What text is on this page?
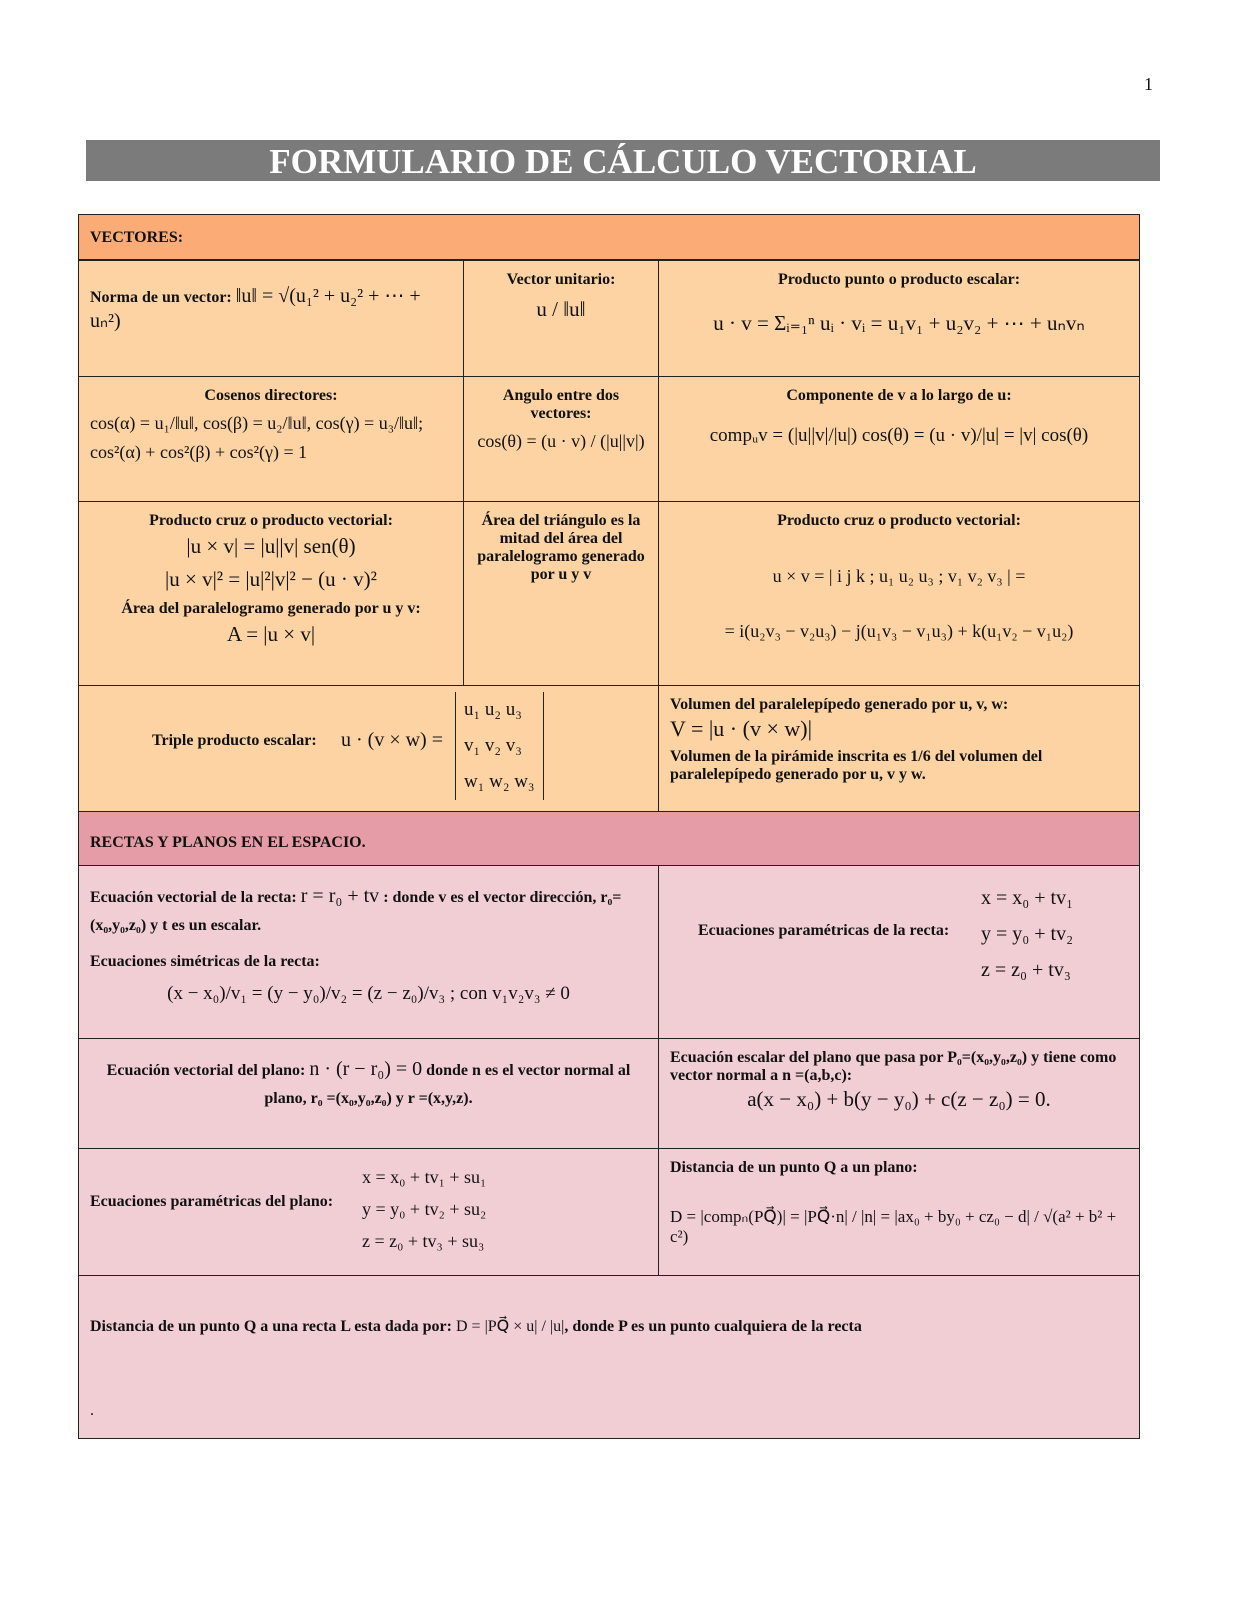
1
FORMULARIO DE CÁLCULO VECTORIAL
VECTORES:
Norma de un vector: ‖u‖ = √(u₁² + u₂² + ⋯ + uₙ²)
Vector unitario:
u / ‖u‖
Producto punto o producto escalar:
u · v = Σᵢ₌₁ⁿ uᵢ · vᵢ = u₁v₁ + u₂v₂ + ⋯ + uₙvₙ
Cosenos directores:
cos(α) = u₁/‖u‖, cos(β) = u₂/‖u‖, cos(γ) = u₃/‖u‖;
cos²(α) + cos²(β) + cos²(γ) = 1
Angulo entre dos vectores:
cos(θ) = (u · v) / (|u||v|)
Componente de v a lo largo de u:
compᵤv = (|u||v|/|u|) cos(θ) = (u · v)/|u| = |v| cos(θ)
Producto cruz o producto vectorial:
|u × v| = |u||v| sen(θ)
|u × v|² = |u|²|v|² − (u · v)²
Área del paralelogramo generado por u y v:
A = |u × v|
Área del triángulo es la mitad del área del paralelogramo generado por u y v
Producto cruz o producto vectorial:
u × v = | i j k ; u₁ u₂ u₃ ; v₁ v₂ v₃ | =
= i(u₂v₃ − v₂u₃) − j(u₁v₃ − v₁u₃) + k(u₁v₂ − v₁u₂)
Triple producto escalar: u · (v × w) =
u₁ u₂ u₃
v₁ v₂ v₃
w₁ w₂ w₃
Volumen del paralelepípedo generado por u, v, w:
V = |u · (v × w)|
Volumen de la pirámide inscrita es 1/6 del volumen del paralelepípedo generado por u, v y w.
RECTAS Y PLANOS EN EL ESPACIO.
Ecuación vectorial de la recta: r = r₀ + tv : donde v es el vector dirección, r₀=(x₀,y₀,z₀) y t es un escalar.
Ecuaciones simétricas de la recta:
(x − x₀)/v₁ = (y − y₀)/v₂ = (z − z₀)/v₃ ; con v₁v₂v₃ ≠ 0
Ecuaciones paramétricas de la recta:
x = x₀ + tv₁
y = y₀ + tv₂
z = z₀ + tv₃
Ecuación vectorial del plano: n · (r − r₀) = 0 donde n es el vector normal al plano, r₀ =(x₀,y₀,z₀) y r =(x,y,z).
Ecuación escalar del plano que pasa por P₀=(x₀,y₀,z₀) y tiene como vector normal a n =(a,b,c):
a(x − x₀) + b(y − y₀) + c(z − z₀) = 0.
Ecuaciones paramétricas del plano:
x = x₀ + tv₁ + su₁
y = y₀ + tv₂ + su₂
z = z₀ + tv₃ + su₃
Distancia de un punto Q a un plano:
D = |compₙ(PQ⃗)| = |PQ⃗·n| / |n| = |ax₀ + by₀ + cz₀ − d| / √(a² + b² + c²)
Distancia de un punto Q a una recta L esta dada por: D = |PQ⃗ × u| / |u|, donde P es un punto cualquiera de la recta
.
